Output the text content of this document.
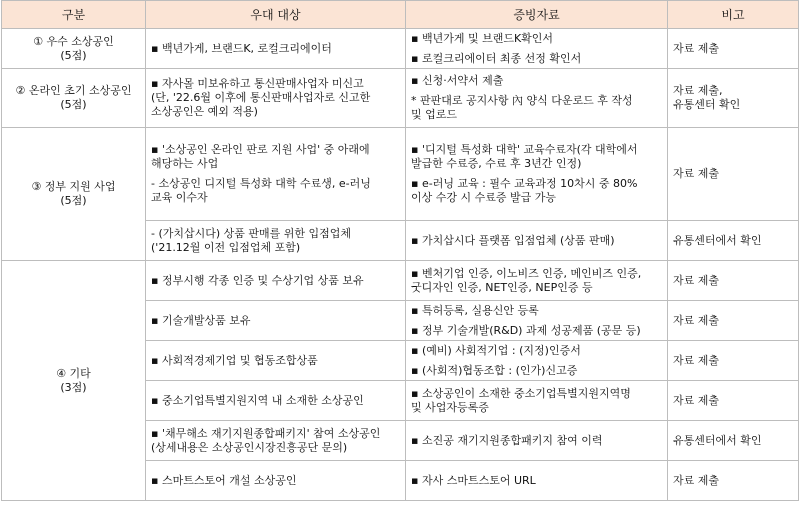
구분	우대 대상	증빙자료	비고

① 우수 소상공인
(5점)	▪ 백년가게, 브랜드K, 로컬크리에이터	▪ 백년가게 및 브랜드K확인서
▪ 로컬크리에이터 최종 선정 확인서	자료 제출

② 온라인 초기 소상공인
(5점)	▪ 자사몰 미보유하고 통신판매사업자 미신고
(단, '22.6월 이후에 통신판매사업자로 신고한
소상공인은 예외 적용)	▪ 신청·서약서 제출
* 판판대로 공지사항 內 양식 다운로드 후 작성
및 업로드	자료 제출,
유통센터 확인

③ 정부 지원 사업
(5점)	▪ '소상공인 온라인 판로 지원 사업' 중 아래에
해당하는 사업
- 소상공인 디지털 특성화 대학 수료생, e-러닝
교육 이수자	▪ '디지털 특성화 대학' 교육수료자(각 대학에서
발급한 수료증, 수료 후 3년간 인정)
▪ e-러닝 교육 : 필수 교육과정 10차시 중 80%
이상 수강 시 수료증 발급 가능	자료 제출

	- (가치삽시다) 상품 판매를 위한 입점업체
('21.12월 이전 입점업체 포함)	▪ 가치삽시다 플랫폼 입점업체 (상품 판매)	유통센터에서 확인

④ 기타
(3점)	▪ 정부시행 각종 인증 및 수상기업 상품 보유	▪ 벤처기업 인증, 이노비즈 인증, 메인비즈 인증,
굿디자인 인증, NET인증, NEP인증 등	자료 제출

	▪ 기술개발상품 보유	▪ 특허등록, 실용신안 등록
▪ 정부 기술개발(R&D) 과제 성공제품 (공문 등)	자료 제출

	▪ 사회적경제기업 및 협동조합상품	▪ (예비) 사회적기업 : (지정)인증서
▪ (사회적)협동조합 : (인가)신고증	자료 제출

	▪ 중소기업특별지원지역 내 소재한 소상공인	▪ 소상공인이 소재한 중소기업특별지원지역명
및 사업자등록증	자료 제출

	▪ '채무해소 재기지원종합패키지' 참여 소상공인
(상세내용은 소상공인시장진흥공단 문의)	▪ 소진공 재기지원종합패키지 참여 이력	유통센터에서 확인

	▪ 스마트스토어 개설 소상공인	▪ 자사 스마트스토어 URL	자료 제출
